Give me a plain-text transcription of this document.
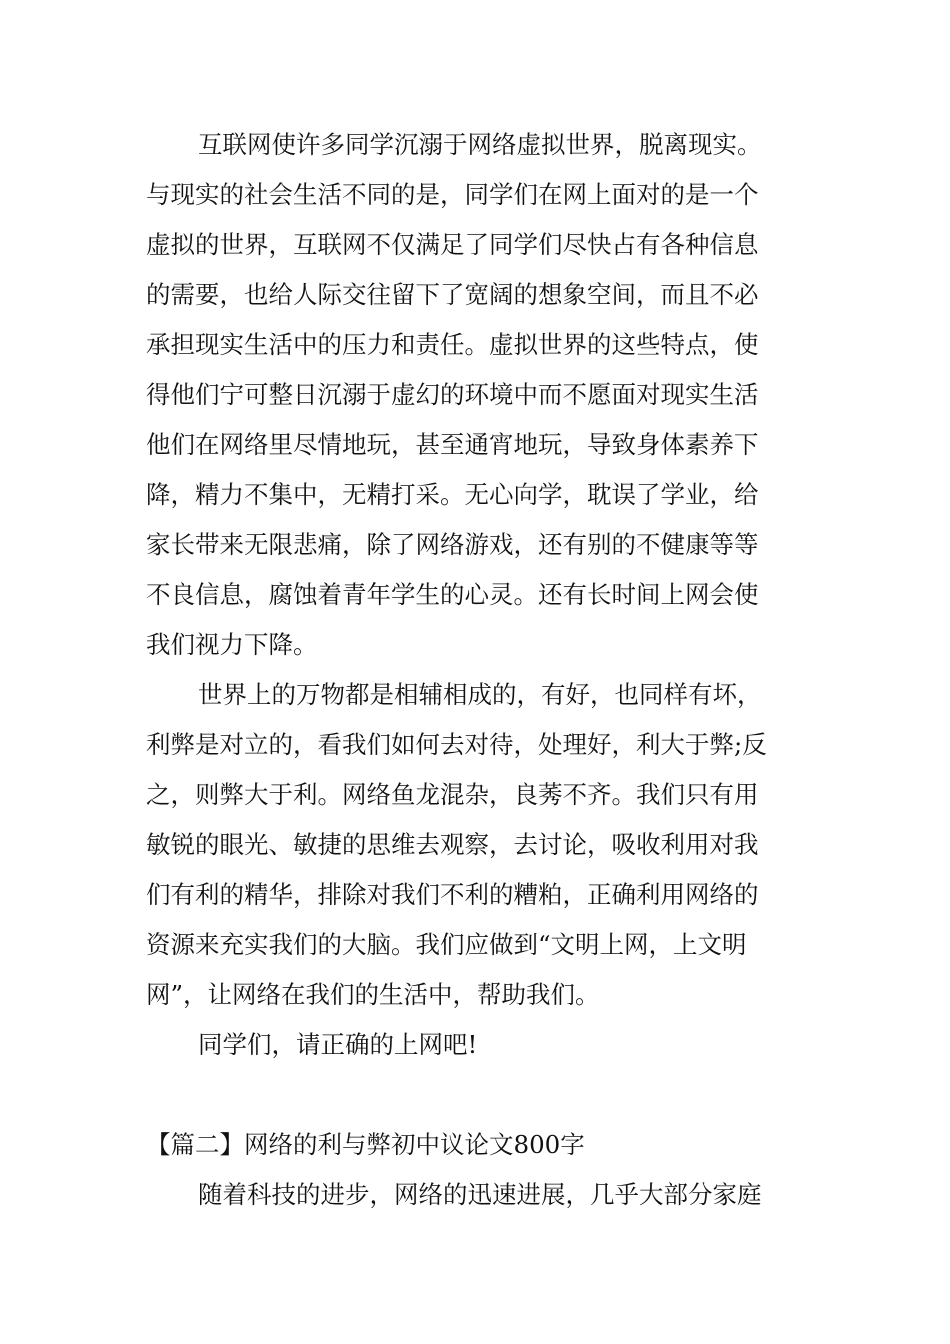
互联网使许多同学沉溺于网络虚拟世界，脱离现实。
与现实的社会生活不同的是，同学们在网上面对的是一个
虚拟的世界，互联网不仅满足了同学们尽快占有各种信息
的需要，也给人际交往留下了宽阔的想象空间，而且不必
承担现实生活中的压力和责任。虚拟世界的这些特点，使
得他们宁可整日沉溺于虚幻的环境中而不愿面对现实生活
他们在网络里尽情地玩，甚至通宵地玩，导致身体素养下
降，精力不集中，无精打采。无心向学，耽误了学业，给
家长带来无限悲痛，除了网络游戏，还有别的不健康等等
不良信息，腐蚀着青年学生的心灵。还有长时间上网会使
我们视力下降。
世界上的万物都是相辅相成的，有好，也同样有坏，
利弊是对立的，看我们如何去对待，处理好，利大于弊;反
之，则弊大于利。网络鱼龙混杂，良莠不齐。我们只有用
敏锐的眼光、敏捷的思维去观察，去讨论，吸收利用对我
们有利的精华，排除对我们不利的糟粕，正确利用网络的
资源来充实我们的大脑。我们应做到“文明上网，上文明
网”，让网络在我们的生活中，帮助我们。
同学们，请正确的上网吧!
【篇二】网络的利与弊初中议论文800字
随着科技的进步，网络的迅速进展，几乎大部分家庭
